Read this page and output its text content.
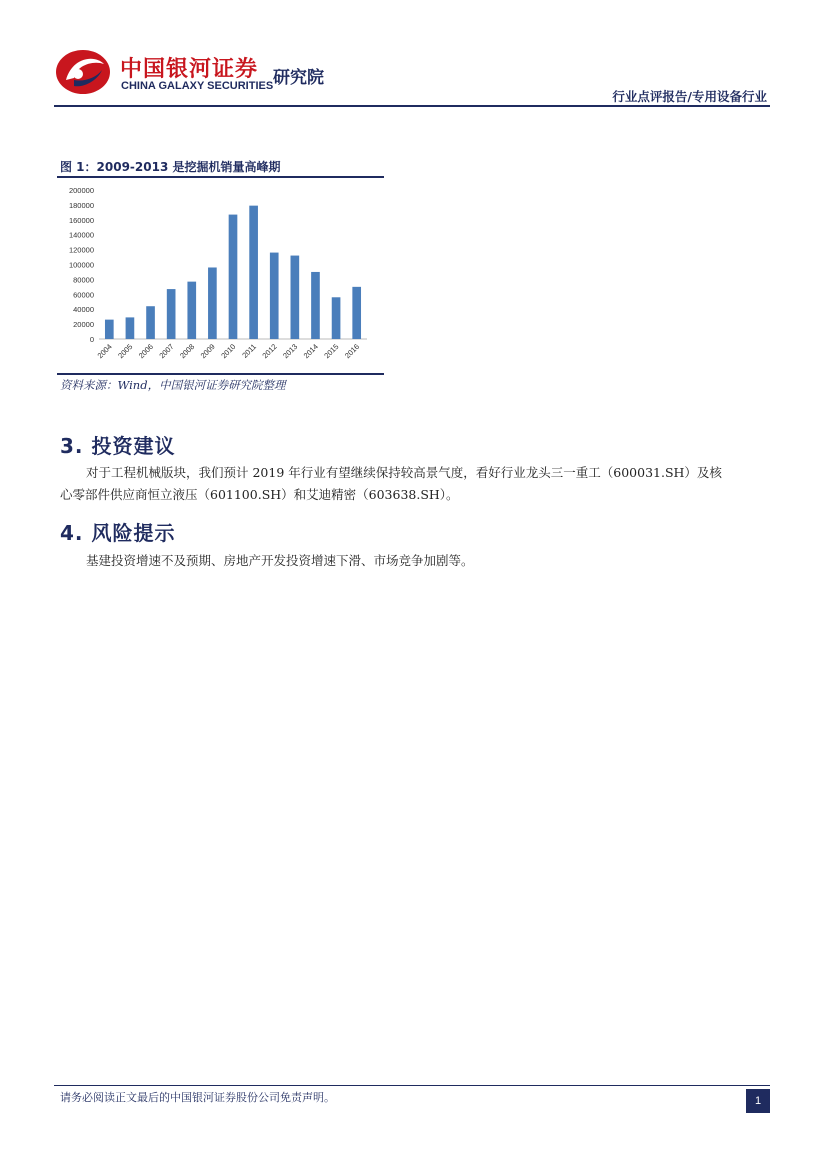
中国银河证券
CHINA GALAXY SECURITIES 研究院
行业点评报告/专用设备行业
图 1：2009-2013 是挖掘机销量高峰期
200000
180000
160000
140000
120000
100000
80000
60000
40000
20000
0
2004 2005 2006 2007 2008 2009 2010 2011 2012 2013 2014 2015 2016
资料来源：Wind，中国银河证券研究院整理
3. 投资建议
对于工程机械版块，我们预计 2019 年行业有望继续保持较高景气度，看好行业龙头三一重工（600031.SH）及核
心零部件供应商恒立液压（601100.SH）和艾迪精密（603638.SH）。
4. 风险提示
基建投资增速不及预期、房地产开发投资增速下滑、市场竞争加剧等。
请务必阅读正文最后的中国银河证券股份公司免责声明。	1
